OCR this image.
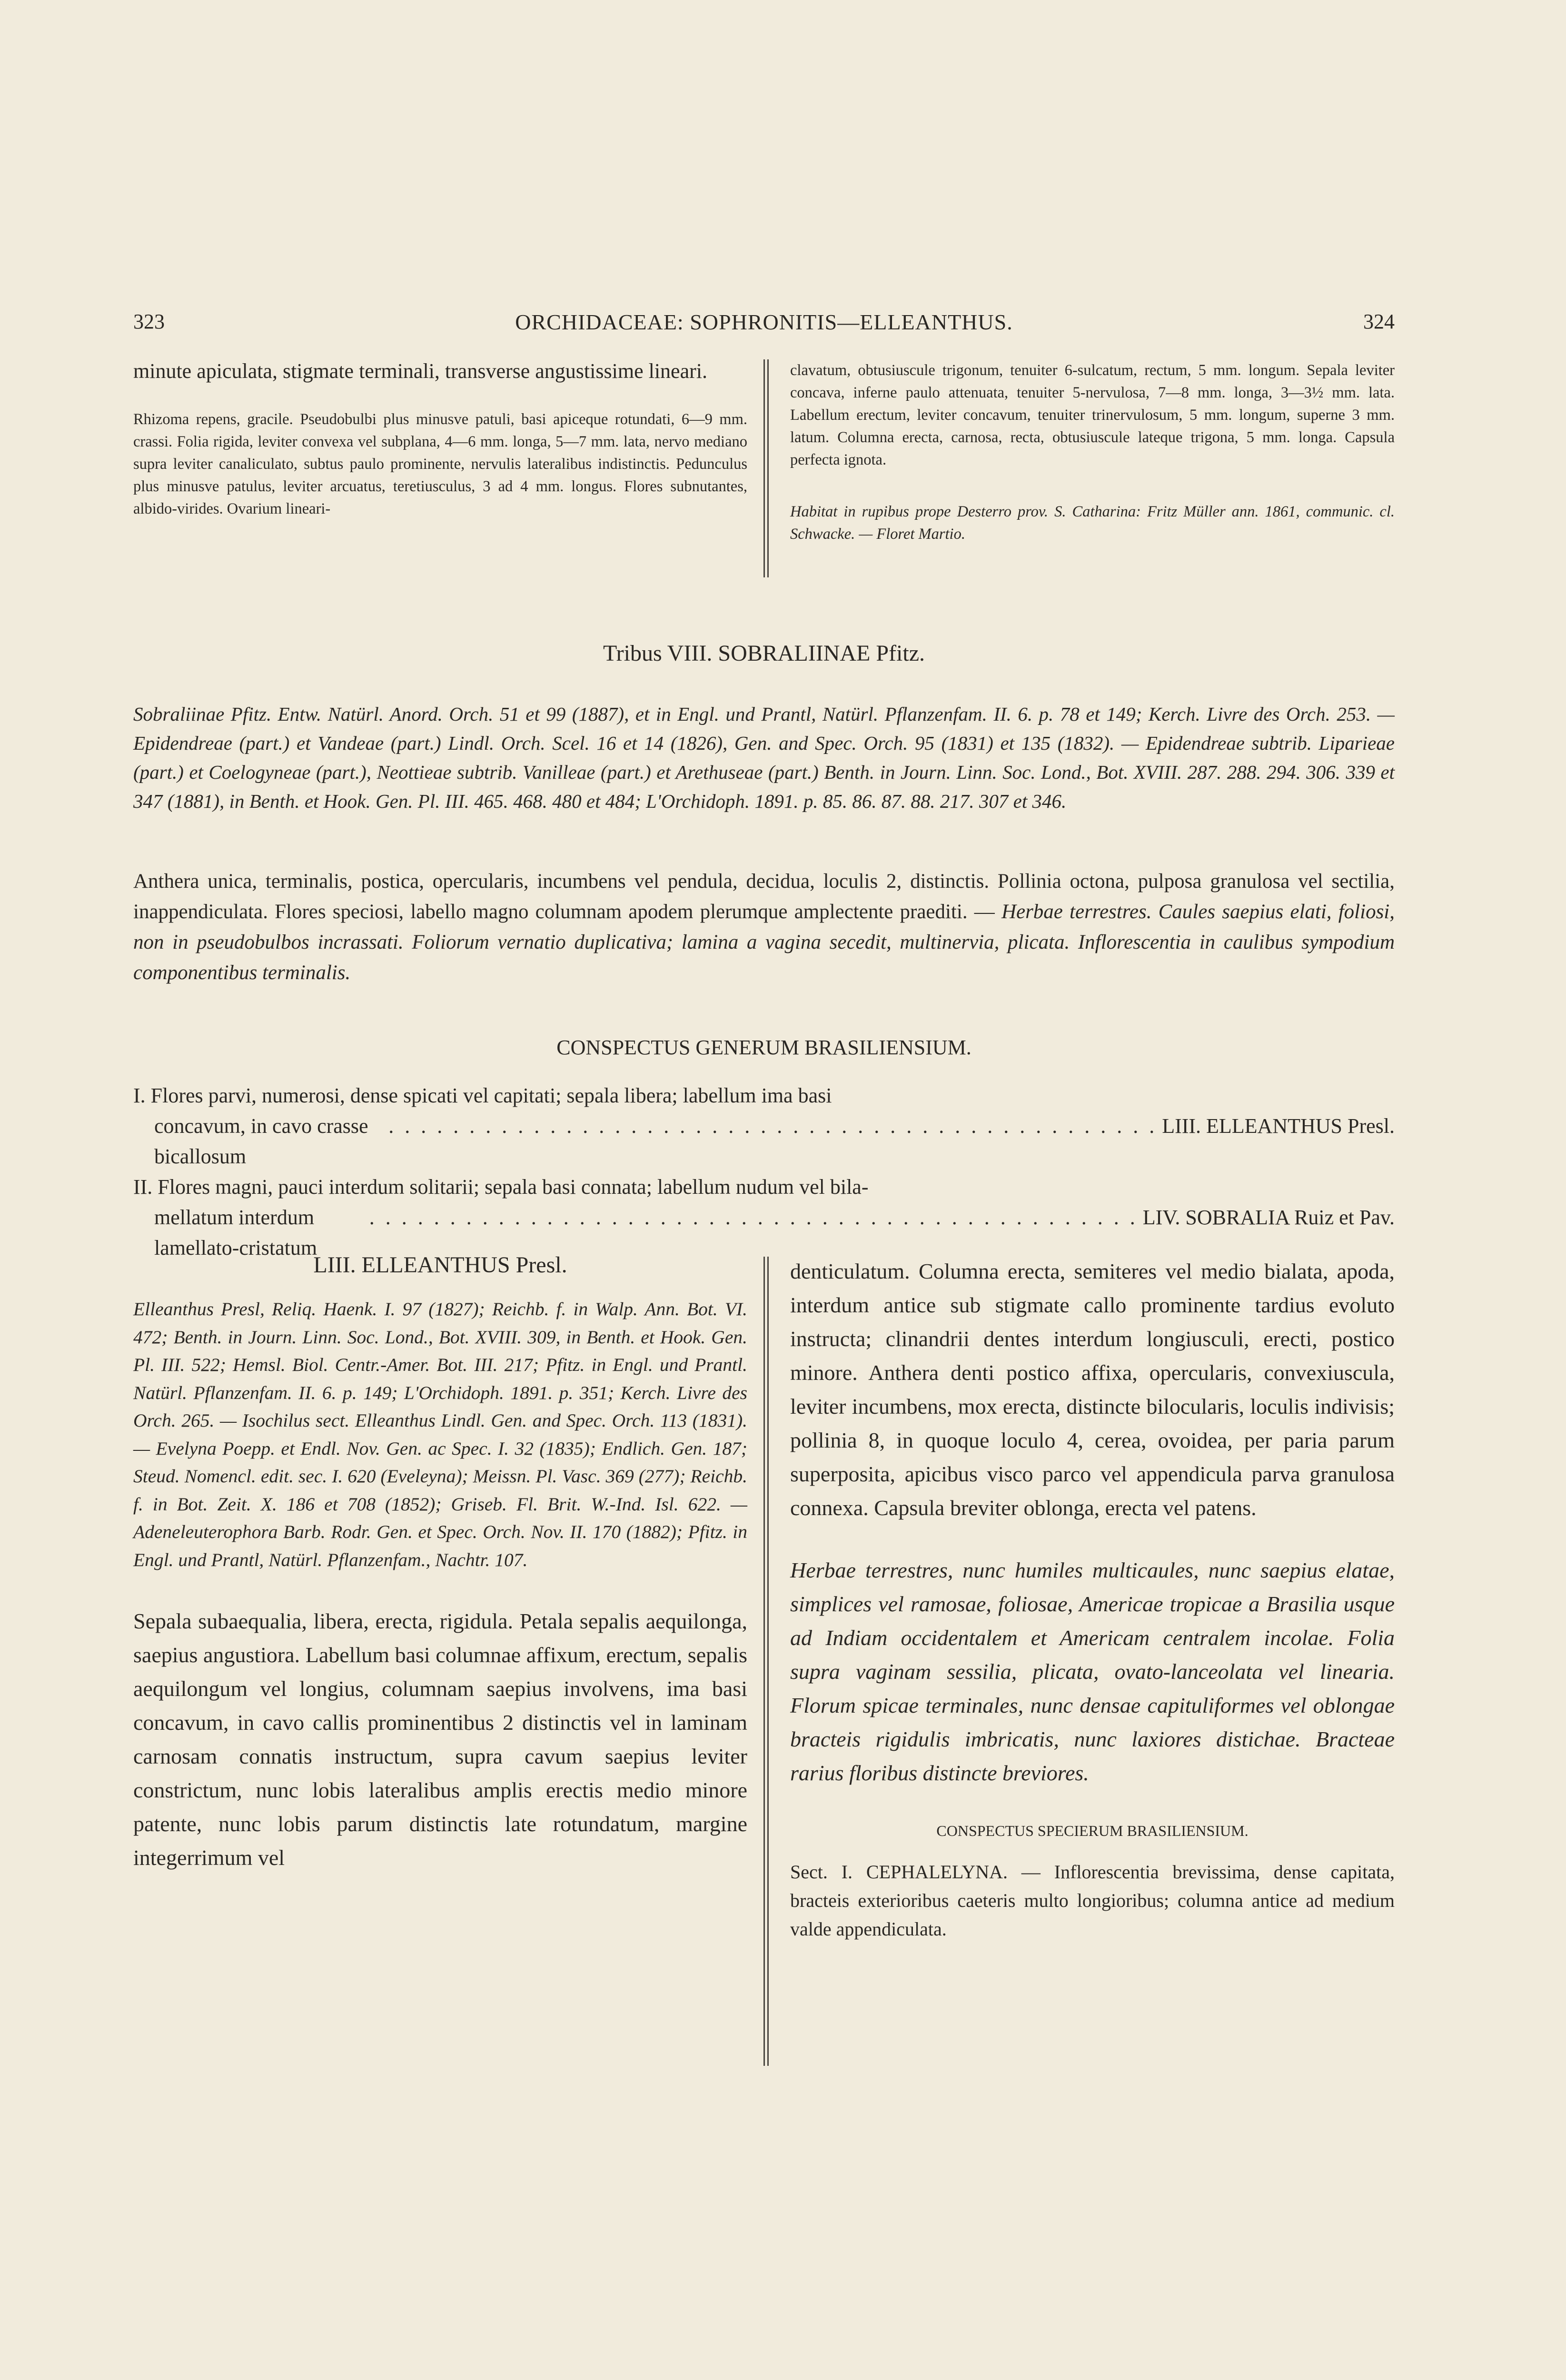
323	ORCHIDACEAE: SOPHRONITIS—ELLEANTHUS.	324

minute apiculata, stigmate terminali, transverse angustissime lineari.

Rhizoma repens, gracile. Pseudobulbi plus minusve patuli, basi apiceque rotundati, 6—9 mm. crassi. Folia rigida, leviter convexa vel subplana, 4—6 mm. longa, 5—7 mm. lata, nervo mediano supra leviter canaliculato, subtus paulo prominente, nervulis lateralibus indistinctis. Pedunculus plus minusve patulus, leviter arcuatus, teretiusculus, 3 ad 4 mm. longus. Flores subnutantes, albido-virides. Ovarium lineari-

clavatum, obtusiuscule trigonum, tenuiter 6-sulcatum, rectum, 5 mm. longum. Sepala leviter concava, inferne paulo attenuata, tenuiter 5-nervulosa, 7—8 mm. longa, 3—3½ mm. lata. Labellum erectum, leviter concavum, tenuiter trinervulosum, 5 mm. longum, superne 3 mm. latum. Columna erecta, carnosa, recta, obtusiuscule lateque trigona, 5 mm. longa. Capsula perfecta ignota.

Habitat in rupibus prope Desterro prov. S. Catharina: Fritz Müller ann. 1861, communic. cl. Schwacke. — Floret Martio.

Tribus VIII. SOBRALIINAE Pfitz.

Sobraliinae Pfitz. Entw. Natürl. Anord. Orch. 51 et 99 (1887), et in Engl. und Prantl, Natürl. Pflanzenfam. II. 6. p. 78 et 149; Kerch. Livre des Orch. 253. — Epidendreae (part.) et Vandeae (part.) Lindl. Orch. Scel. 16 et 14 (1826), Gen. and Spec. Orch. 95 (1831) et 135 (1832). — Epidendreae subtrib. Liparieae (part.) et Coelogyneae (part.), Neottieae subtrib. Vanilleae (part.) et Arethuseae (part.) Benth. in Journ. Linn. Soc. Lond., Bot. XVIII. 287. 288. 294. 306. 339 et 347 (1881), in Benth. et Hook. Gen. Pl. III. 465. 468. 480 et 484; L'Orchidoph. 1891. p. 85. 86. 87. 88. 217. 307 et 346.

Anthera unica, terminalis, postica, opercularis, incumbens vel pendula, decidua, loculis 2, distinctis. Pollinia octona, pulposa granulosa vel sectilia, inappendiculata. Flores speciosi, labello magno columnam apodem plerumque amplectente praediti. — Herbae terrestres. Caules saepius elati, foliosi, non in pseudobulbos incrassati. Foliorum vernatio duplicativa; lamina a vagina secedit, multinervia, plicata. Inflorescentia in caulibus sympodium componentibus terminalis.

CONSPECTUS GENERUM BRASILIENSIUM.
I. Flores parvi, numerosi, dense spicati vel capitati; sepala libera; labellum ima basi
concavum, in cavo crasse bicallosum
. . . . . . . . . . . . . . . . . . . . . . . . . . . . . . . . . . . . . . . . . . . . . . . . LIII. ELLEANTHUS Presl.
II. Flores magni, pauci interdum solitarii; sepala basi connata; labellum nudum vel bila-
mellatum interdum lamellato-cristatum
. . . . . . . . . . . . . . . . . . . . . . . . . . . . . . . . . . . . . . . . . . . . . . . . LIV. SOBRALIA Ruiz et Pav.
LIII. ELLEANTHUS Presl.

Elleanthus Presl, Reliq. Haenk. I. 97 (1827); Reichb. f. in Walp. Ann. Bot. VI. 472; Benth. in Journ. Linn. Soc. Lond., Bot. XVIII. 309, in Benth. et Hook. Gen. Pl. III. 522; Hemsl. Biol. Centr.-Amer. Bot. III. 217; Pfitz. in Engl. und Prantl. Natürl. Pflanzenfam. II. 6. p. 149; L'Orchidoph. 1891. p. 351; Kerch. Livre des Orch. 265. — Isochilus sect. Elleanthus Lindl. Gen. and Spec. Orch. 113 (1831). — Evelyna Poepp. et Endl. Nov. Gen. ac Spec. I. 32 (1835); Endlich. Gen. 187; Steud. Nomencl. edit. sec. I. 620 (Eveleyna); Meissn. Pl. Vasc. 369 (277); Reichb. f. in Bot. Zeit. X. 186 et 708 (1852); Griseb. Fl. Brit. W.-Ind. Isl. 622. — Adeneleuterophora Barb. Rodr. Gen. et Spec. Orch. Nov. II. 170 (1882); Pfitz. in Engl. und Prantl, Natürl. Pflanzenfam., Nachtr. 107.

Sepala subaequalia, libera, erecta, rigidula. Petala sepalis aequilonga, saepius angustiora. Labellum basi columnae affixum, erectum, sepalis aequilongum vel longius, columnam saepius involvens, ima basi concavum, in cavo callis prominentibus 2 distinctis vel in laminam carnosam connatis instructum, supra cavum saepius leviter constrictum, nunc lobis lateralibus amplis erectis medio minore patente, nunc lobis parum distinctis late rotundatum, margine integerrimum vel

denticulatum. Columna erecta, semiteres vel medio bialata, apoda, interdum antice sub stigmate callo prominente tardius evoluto instructa; clinandrii dentes interdum longiusculi, erecti, postico minore. Anthera denti postico affixa, opercularis, convexiuscula, leviter incumbens, mox erecta, distincte bilocularis, loculis indivisis; pollinia 8, in quoque loculo 4, cerea, ovoidea, per paria parum superposita, apicibus visco parco vel appendicula parva granulosa connexa. Capsula breviter oblonga, erecta vel patens.

Herbae terrestres, nunc humiles multicaules, nunc saepius elatae, simplices vel ramosae, foliosae, Americae tropicae a Brasilia usque ad Indiam occidentalem et Americam centralem incolae. Folia supra vaginam sessilia, plicata, ovato-lanceolata vel linearia. Florum spicae terminales, nunc densae capituliformes vel oblongae bracteis rigidulis imbricatis, nunc laxiores distichae. Bracteae rarius floribus distincte breviores.

CONSPECTUS SPECIERUM BRASILIENSIUM.

Sect. I. CEPHALELYNA. — Inflorescentia brevissima, dense capitata, bracteis exterioribus caeteris multo longioribus; columna antice ad medium valde appendiculata.
